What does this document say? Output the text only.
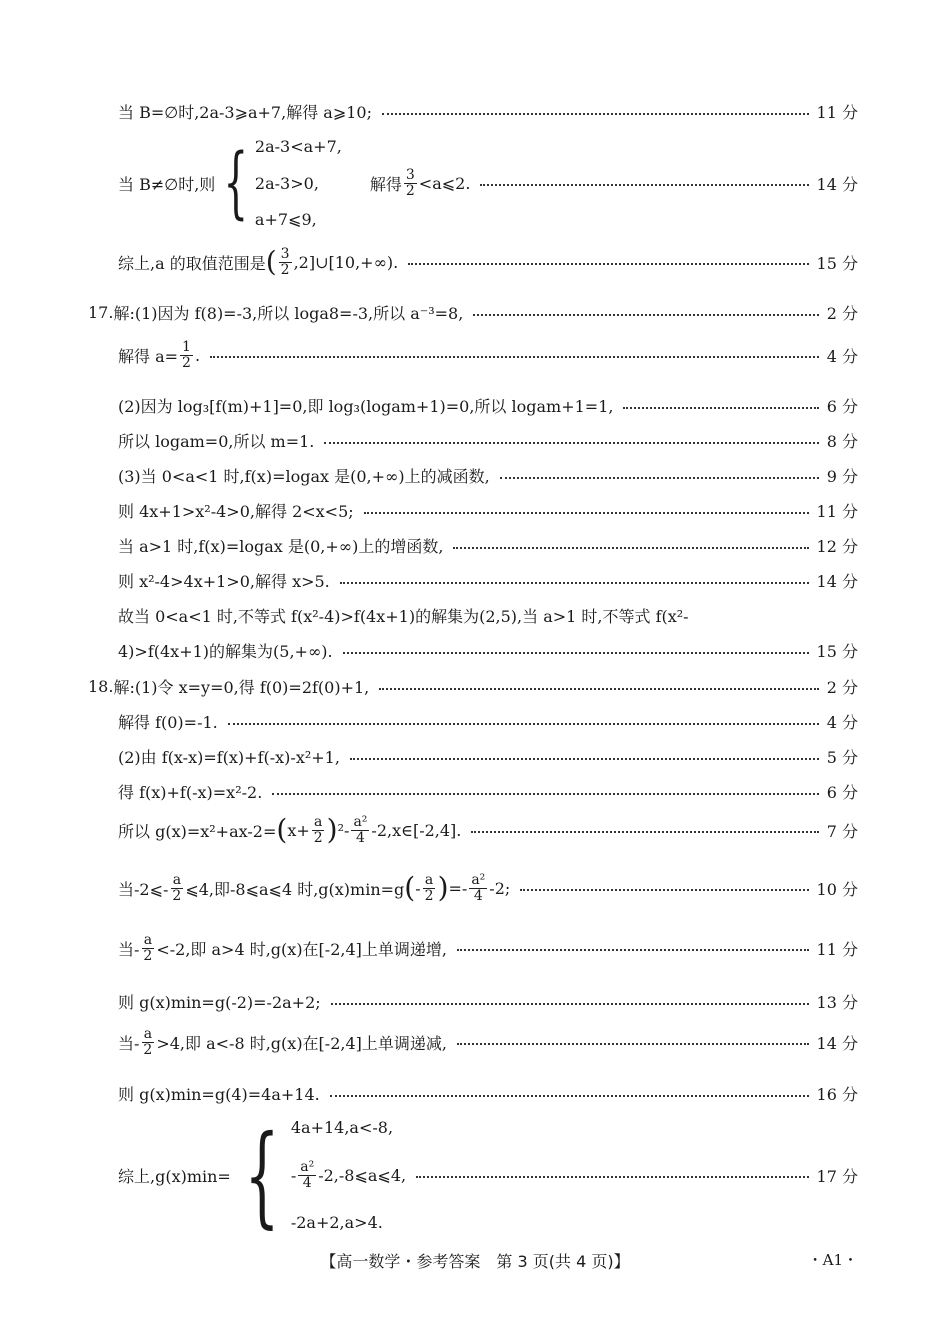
当 B=∅时,2a-3⩾a+7,解得 a⩾10;	11 分
当 B≠∅时,则 { 2a-3<a+7,
2a-3>0,
a+7⩽9,
解得 $\frac{3}{2}$ <a⩽2.	14 分
综上,a 的取值范围是 ( $\frac{3}{2}$ ,2]∪[10,+∞).	15 分
17. 解:(1)因为 f(8)=-3,所以 loga8=-3,所以 a⁻³=8,	2 分
解得 $a= \frac{1}{2}$ .	4 分
(2)因为 log₃[f(m)+1]=0,即 log₃(logam+1)=0,所以 logam+1=1,	6 分
所以 logam=0,所以 m=1.	8 分
(3)当 0<a<1 时,f(x)=logax 是(0,+∞)上的减函数,	9 分
则 4x+1>x²-4>0,解得 2<x<5;	11 分
当 a>1 时,f(x)=logax 是(0,+∞)上的增函数,	12 分
则 x²-4>4x+1>0,解得 x>5.	14 分
故当 0<a<1 时,不等式 f(x²-4)>f(4x+1)的解集为(2,5),当 a>1 时,不等式 f(x²-
4)>f(4x+1)的解集为(5,+∞).	15 分
18. 解:(1)令 x=y=0,得 f(0)=2f(0)+1,	2 分
解得 f(0)=-1.	4 分
(2)由 f(x-x)=f(x)+f(-x)-x²+1,	5 分
得 f(x)+f(-x)=x²-2.	6 分
所以 g(x)=x²+ax-2= ( $x+ \frac{a}{2}$ ) $^2- \frac{\text{a²}}{4}$ -2,x∈[-2,4].	7 分
当-2⩽- $\frac{a}{2}$ ⩽4,即-8⩽a⩽4 时,g(x)min=g ( - $\frac{a}{2}$ ) =- $\frac{\text{a²}}{4} -2$;	10 分
当- $\frac{a}{2} <-2$,即 a>4 时,g(x)在[-2,4]上单调递增,	11 分
则 g(x)min=g(-2)=-2a+2;	13 分
当- $\frac{a}{2} >4$,即 a<-8 时,g(x)在[-2,4]上单调递减,	14 分
则 g(x)min=g(4)=4a+14.	16 分
综上,g(x)min= { 4a+14,a<-8,
- $\frac{\text{a²}}{4}$ -2,-8⩽a⩽4,
-2a+2,a>4.
17 分
【高一数学・参考答案　第 3 页(共 4 页)】	・A1・
